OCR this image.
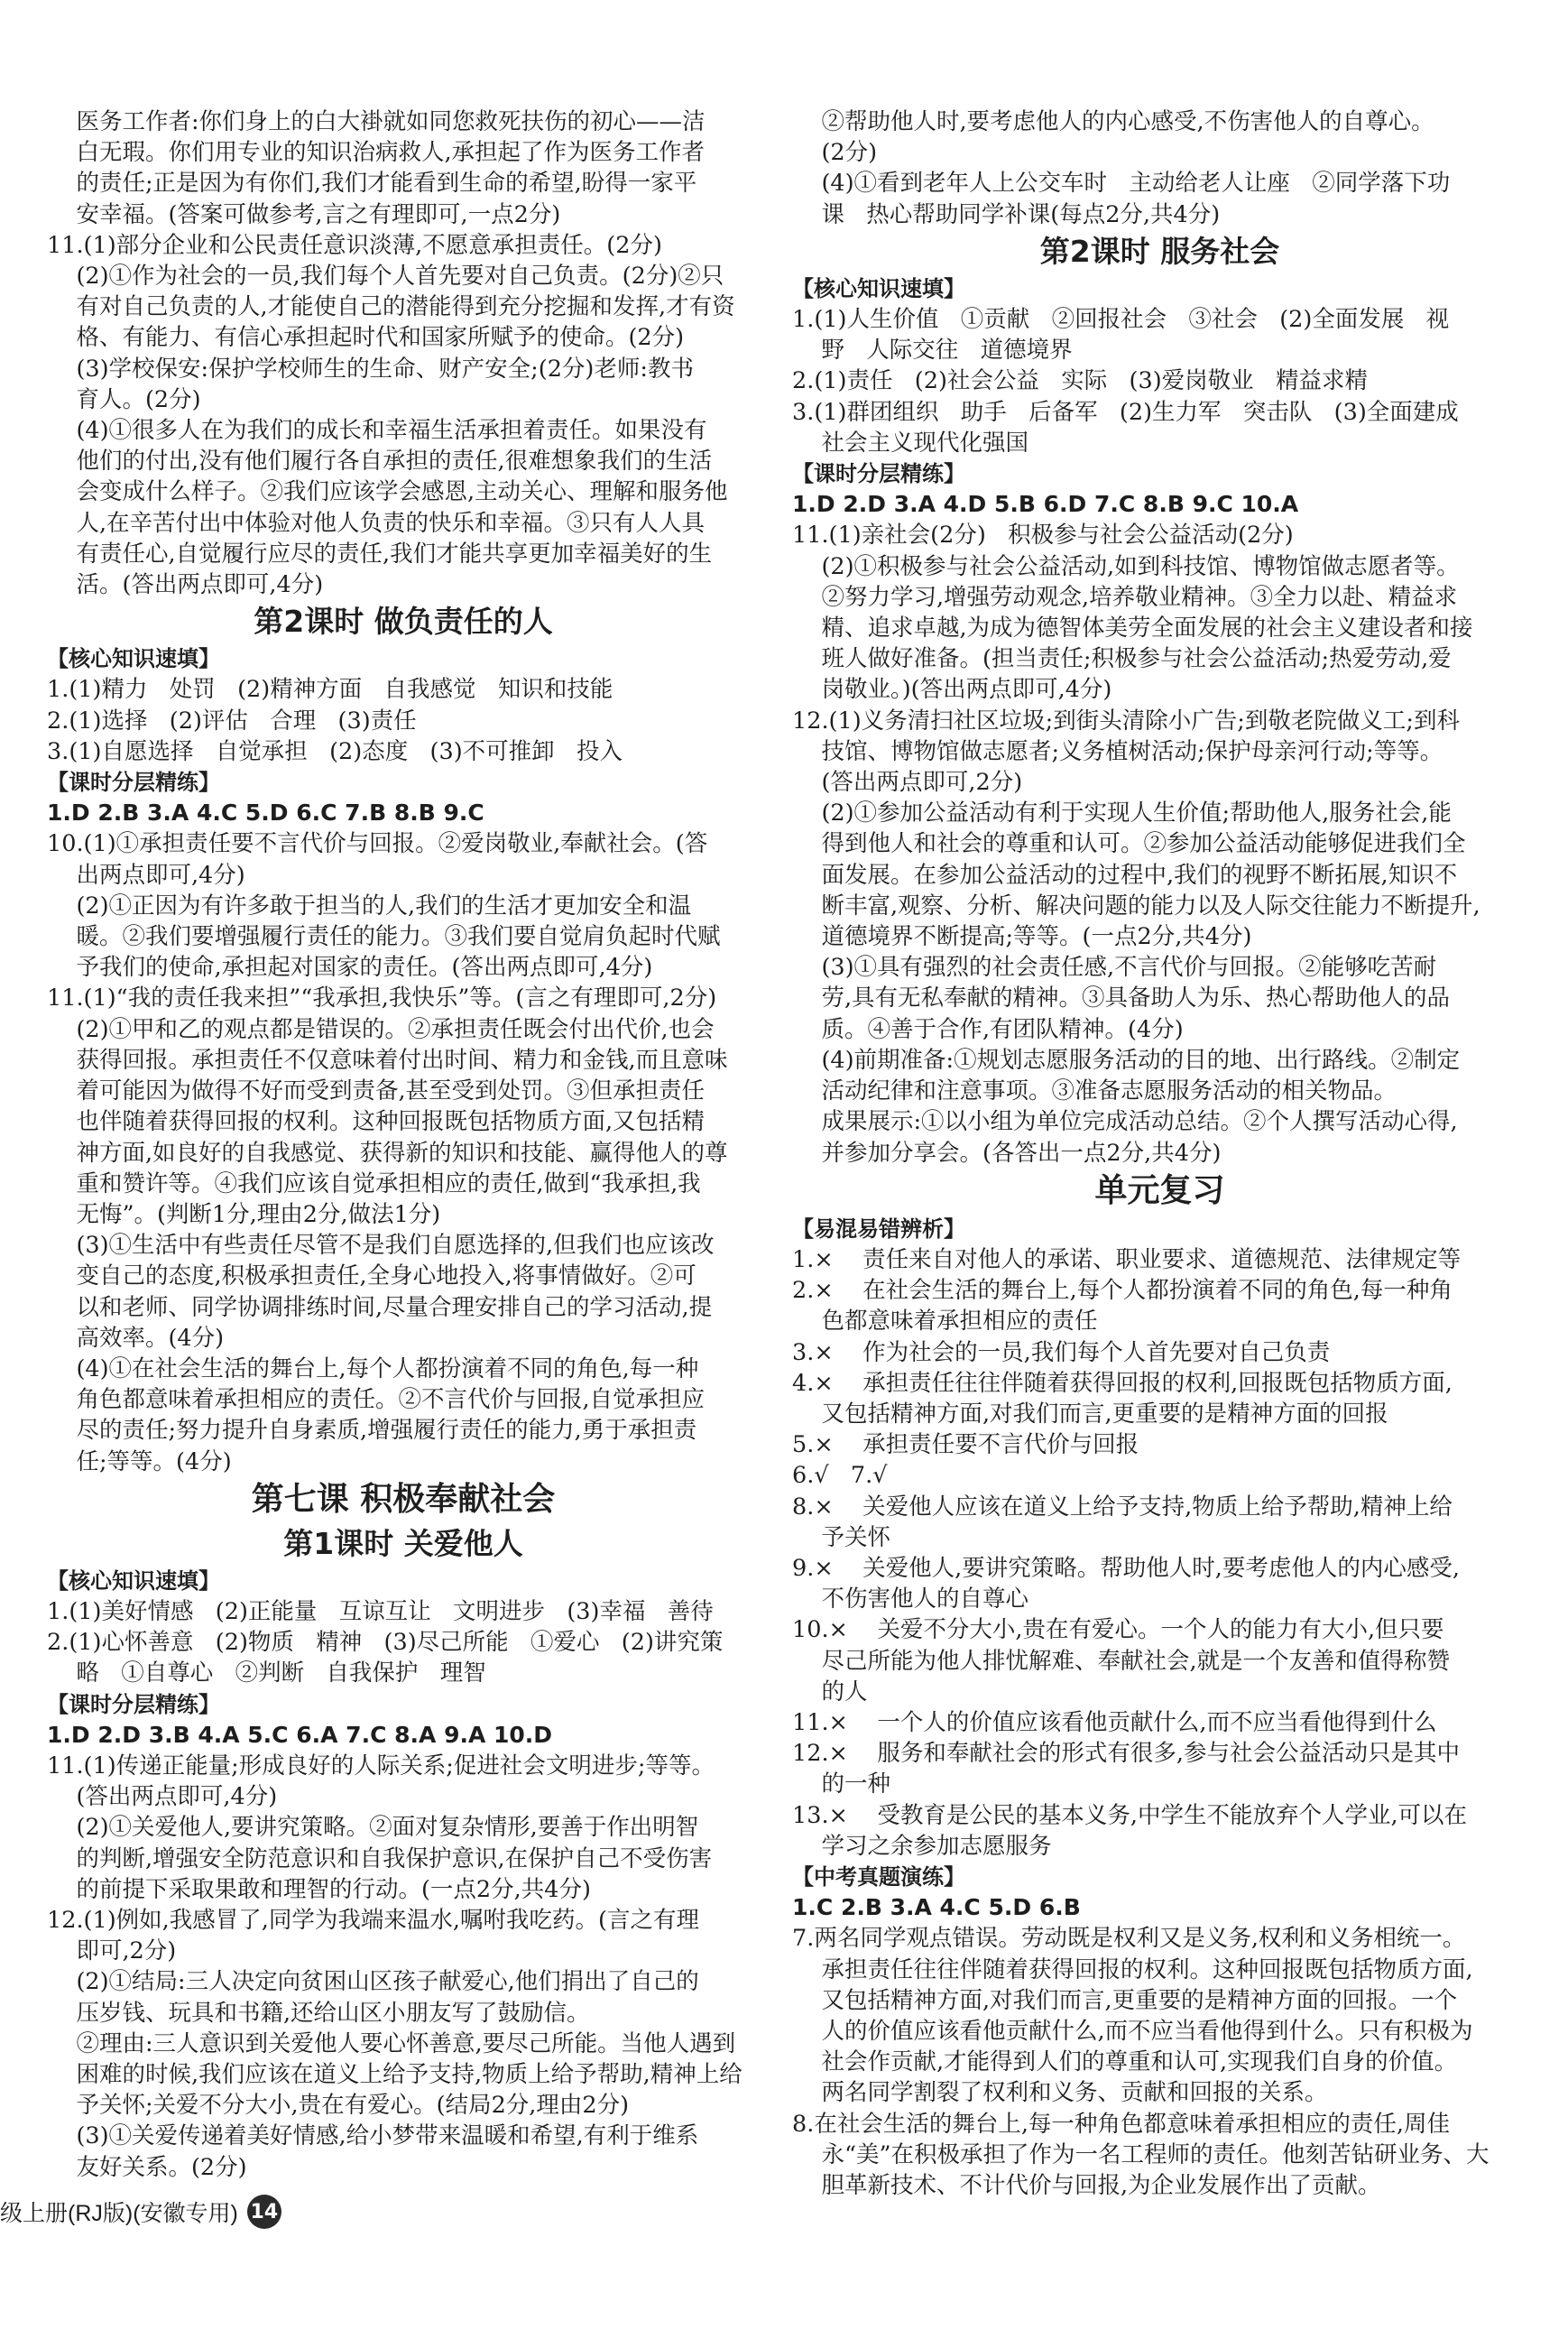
医务工作者:你们身上的白大褂就如同您救死扶伤的初心——洁
白无瑕。你们用专业的知识治病救人,承担起了作为医务工作者
的责任;正是因为有你们,我们才能看到生命的希望,盼得一家平
安幸福。(答案可做参考,言之有理即可,一点2分)
11.(1)部分企业和公民责任意识淡薄,不愿意承担责任。(2分)
(2)①作为社会的一员,我们每个人首先要对自己负责。(2分)②只
有对自己负责的人,才能使自己的潜能得到充分挖掘和发挥,才有资
格、有能力、有信心承担起时代和国家所赋予的使命。(2分)
(3)学校保安:保护学校师生的生命、财产安全;(2分)老师:教书
育人。(2分)
(4)①很多人在为我们的成长和幸福生活承担着责任。如果没有
他们的付出,没有他们履行各自承担的责任,很难想象我们的生活
会变成什么样子。②我们应该学会感恩,主动关心、理解和服务他
人,在辛苦付出中体验对他人负责的快乐和幸福。③只有人人具
有责任心,自觉履行应尽的责任,我们才能共享更加幸福美好的生
活。(答出两点即可,4分)
第2课时 做负责任的人
【核心知识速填】
1.(1)精力   处罚   (2)精神方面   自我感觉   知识和技能
2.(1)选择   (2)评估   合理   (3)责任
3.(1)自愿选择   自觉承担   (2)态度   (3)不可推卸   投入
【课时分层精练】
1.D 2.B 3.A 4.C 5.D 6.C 7.B 8.B 9.C
10.(1)①承担责任要不言代价与回报。②爱岗敬业,奉献社会。(答
出两点即可,4分)
(2)①正因为有许多敢于担当的人,我们的生活才更加安全和温
暖。②我们要增强履行责任的能力。③我们要自觉肩负起时代赋
予我们的使命,承担起对国家的责任。(答出两点即可,4分)
11.(1)“我的责任我来担”“我承担,我快乐”等。(言之有理即可,2分)
(2)①甲和乙的观点都是错误的。②承担责任既会付出代价,也会
获得回报。承担责任不仅意味着付出时间、精力和金钱,而且意味
着可能因为做得不好而受到责备,甚至受到处罚。③但承担责任
也伴随着获得回报的权利。这种回报既包括物质方面,又包括精
神方面,如良好的自我感觉、获得新的知识和技能、赢得他人的尊
重和赞许等。④我们应该自觉承担相应的责任,做到“我承担,我
无悔”。(判断1分,理由2分,做法1分)
(3)①生活中有些责任尽管不是我们自愿选择的,但我们也应该改
变自己的态度,积极承担责任,全身心地投入,将事情做好。②可
以和老师、同学协调排练时间,尽量合理安排自己的学习活动,提
高效率。(4分)
(4)①在社会生活的舞台上,每个人都扮演着不同的角色,每一种
角色都意味着承担相应的责任。②不言代价与回报,自觉承担应
尽的责任;努力提升自身素质,增强履行责任的能力,勇于承担责
任;等等。(4分)
第七课 积极奉献社会
第1课时 关爱他人
【核心知识速填】
1.(1)美好情感   (2)正能量   互谅互让   文明进步   (3)幸福   善待
2.(1)心怀善意   (2)物质   精神   (3)尽己所能   ①爱心   (2)讲究策
略   ①自尊心   ②判断   自我保护   理智
【课时分层精练】
1.D 2.D 3.B 4.A 5.C 6.A 7.C 8.A 9.A 10.D
11.(1)传递正能量;形成良好的人际关系;促进社会文明进步;等等。
(答出两点即可,4分)
(2)①关爱他人,要讲究策略。②面对复杂情形,要善于作出明智
的判断,增强安全防范意识和自我保护意识,在保护自己不受伤害
的前提下采取果敢和理智的行动。(一点2分,共4分)
12.(1)例如,我感冒了,同学为我端来温水,嘱咐我吃药。(言之有理
即可,2分)
(2)①结局:三人决定向贫困山区孩子献爱心,他们捐出了自己的
压岁钱、玩具和书籍,还给山区小朋友写了鼓励信。
②理由:三人意识到关爱他人要心怀善意,要尽己所能。当他人遇到
困难的时候,我们应该在道义上给予支持,物质上给予帮助,精神上给
予关怀;关爱不分大小,贵在有爱心。(结局2分,理由2分)
(3)①关爱传递着美好情感,给小梦带来温暖和希望,有利于维系
友好关系。(2分)
②帮助他人时,要考虑他人的内心感受,不伤害他人的自尊心。
(2分)
(4)①看到老年人上公交车时   主动给老人让座   ②同学落下功
课   热心帮助同学补课(每点2分,共4分)
第2课时 服务社会
【核心知识速填】
1.(1)人生价值   ①贡献   ②回报社会   ③社会   (2)全面发展   视
野   人际交往   道德境界
2.(1)责任   (2)社会公益   实际   (3)爱岗敬业   精益求精
3.(1)群团组织   助手   后备军   (2)生力军   突击队   (3)全面建成
社会主义现代化强国
【课时分层精练】
1.D 2.D 3.A 4.D 5.B 6.D 7.C 8.B 9.C 10.A
11.(1)亲社会(2分)   积极参与社会公益活动(2分)
(2)①积极参与社会公益活动,如到科技馆、博物馆做志愿者等。
②努力学习,增强劳动观念,培养敬业精神。③全力以赴、精益求
精、追求卓越,为成为德智体美劳全面发展的社会主义建设者和接
班人做好准备。(担当责任;积极参与社会公益活动;热爱劳动,爱
岗敬业。)(答出两点即可,4分)
12.(1)义务清扫社区垃圾;到街头清除小广告;到敬老院做义工;到科
技馆、博物馆做志愿者;义务植树活动;保护母亲河行动;等等。
(答出两点即可,2分)
(2)①参加公益活动有利于实现人生价值;帮助他人,服务社会,能
得到他人和社会的尊重和认可。②参加公益活动能够促进我们全
面发展。在参加公益活动的过程中,我们的视野不断拓展,知识不
断丰富,观察、分析、解决问题的能力以及人际交往能力不断提升,
道德境界不断提高;等等。(一点2分,共4分)
(3)①具有强烈的社会责任感,不言代价与回报。②能够吃苦耐
劳,具有无私奉献的精神。③具备助人为乐、热心帮助他人的品
质。④善于合作,有团队精神。(4分)
(4)前期准备:①规划志愿服务活动的目的地、出行路线。②制定
活动纪律和注意事项。③准备志愿服务活动的相关物品。
成果展示:①以小组为单位完成活动总结。②个人撰写活动心得,
并参加分享会。(各答出一点2分,共4分)
单元复习
【易混易错辨析】
1.×    责任来自对他人的承诺、职业要求、道德规范、法律规定等
2.×    在社会生活的舞台上,每个人都扮演着不同的角色,每一种角
色都意味着承担相应的责任
3.×    作为社会的一员,我们每个人首先要对自己负责
4.×    承担责任往往伴随着获得回报的权利,回报既包括物质方面,
又包括精神方面,对我们而言,更重要的是精神方面的回报
5.×    承担责任要不言代价与回报
6.√   7.√
8.×    关爱他人应该在道义上给予支持,物质上给予帮助,精神上给
予关怀
9.×    关爱他人,要讲究策略。帮助他人时,要考虑他人的内心感受,
不伤害他人的自尊心
10.×    关爱不分大小,贵在有爱心。一个人的能力有大小,但只要
尽己所能为他人排忧解难、奉献社会,就是一个友善和值得称赞
的人
11.×    一个人的价值应该看他贡献什么,而不应当看他得到什么
12.×    服务和奉献社会的形式有很多,参与社会公益活动只是其中
的一种
13.×    受教育是公民的基本义务,中学生不能放弃个人学业,可以在
学习之余参加志愿服务
【中考真题演练】
1.C 2.B 3.A 4.C 5.D 6.B
7.两名同学观点错误。劳动既是权利又是义务,权利和义务相统一。
承担责任往往伴随着获得回报的权利。这种回报既包括物质方面,
又包括精神方面,对我们而言,更重要的是精神方面的回报。一个
人的价值应该看他贡献什么,而不应当看他得到什么。只有积极为
社会作贡献,才能得到人们的尊重和认可,实现我们自身的价值。
两名同学割裂了权利和义务、贡献和回报的关系。
8.在社会生活的舞台上,每一种角色都意味着承担相应的责任,周佳
永“美”在积极承担了作为一名工程师的责任。他刻苦钻研业务、大
胆革新技术、不计代价与回报,为企业发展作出了贡献。
级上册(RJ版)(安徽专用) 14
